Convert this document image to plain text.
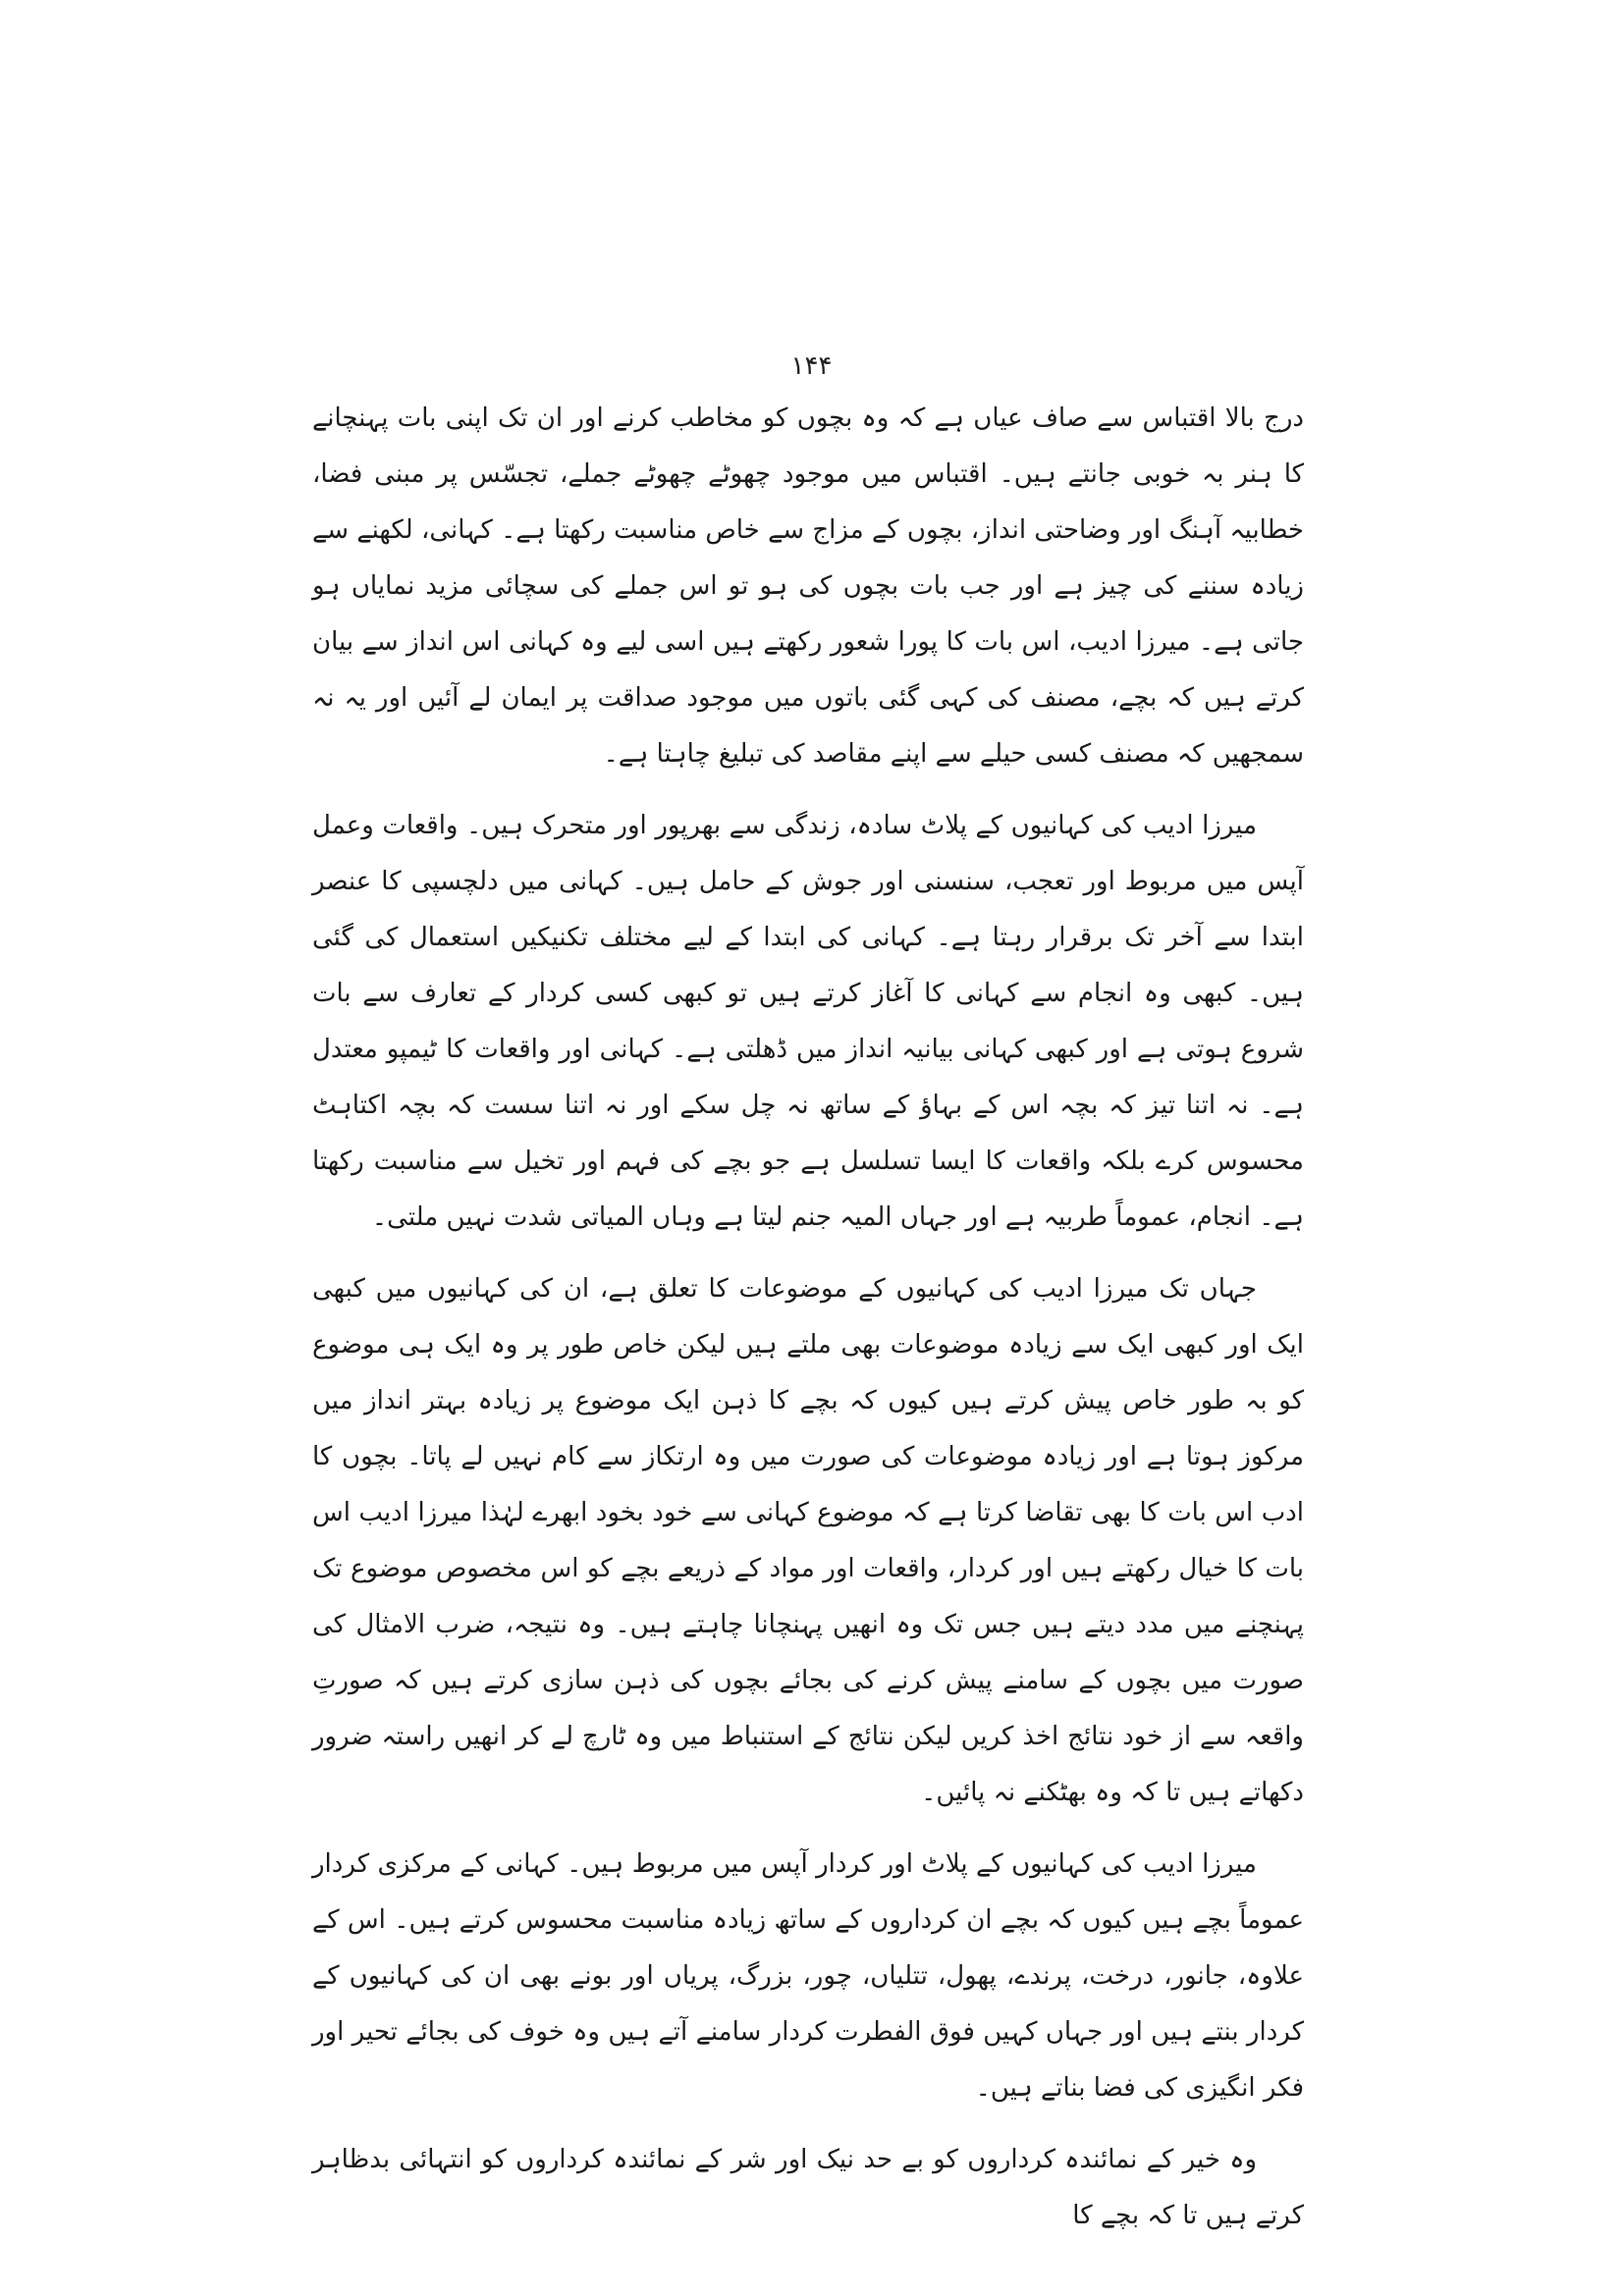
۱۴۴

درج بالا اقتباس سے صاف عیاں ہے کہ وہ بچوں کو مخاطب کرنے اور ان تک اپنی بات پہنچانے کا ہنر بہ خوبی جانتے ہیں۔ اقتباس میں موجود چھوٹے چھوٹے جملے، تجسّس پر مبنی فضا، خطابیہ آہنگ اور وضاحتی انداز، بچوں کے مزاج سے خاص مناسبت رکھتا ہے۔ کہانی، لکھنے سے زیادہ سننے کی چیز ہے اور جب بات بچوں کی ہو تو اس جملے کی سچائی مزید نمایاں ہو جاتی ہے۔ میرزا ادیب، اس بات کا پورا شعور رکھتے ہیں اسی لیے وہ کہانی اس انداز سے بیان کرتے ہیں کہ بچے، مصنف کی کہی گئی باتوں میں موجود صداقت پر ایمان لے آئیں اور یہ نہ سمجھیں کہ مصنف کسی حیلے سے اپنے مقاصد کی تبلیغ چاہتا ہے۔

میرزا ادیب کی کہانیوں کے پلاٹ سادہ، زندگی سے بھرپور اور متحرک ہیں۔ واقعات وعمل آپس میں مربوط اور تعجب، سنسنی اور جوش کے حامل ہیں۔ کہانی میں دلچسپی کا عنصر ابتدا سے آخر تک برقرار رہتا ہے۔ کہانی کی ابتدا کے لیے مختلف تکنیکیں استعمال کی گئی ہیں۔ کبھی وہ انجام سے کہانی کا آغاز کرتے ہیں تو کبھی کسی کردار کے تعارف سے بات شروع ہوتی ہے اور کبھی کہانی بیانیہ انداز میں ڈھلتی ہے۔ کہانی اور واقعات کا ٹیمپو معتدل ہے۔ نہ اتنا تیز کہ بچہ اس کے بہاؤ کے ساتھ نہ چل سکے اور نہ اتنا سست کہ بچہ اکتاہٹ محسوس کرے بلکہ واقعات کا ایسا تسلسل ہے جو بچے کی فہم اور تخیل سے مناسبت رکھتا ہے۔ انجام، عموماً طربیہ ہے اور جہاں المیہ جنم لیتا ہے وہاں المیاتی شدت نہیں ملتی۔

جہاں تک میرزا ادیب کی کہانیوں کے موضوعات کا تعلق ہے، ان کی کہانیوں میں کبھی ایک اور کبھی ایک سے زیادہ موضوعات بھی ملتے ہیں لیکن خاص طور پر وہ ایک ہی موضوع کو بہ طور خاص پیش کرتے ہیں کیوں کہ بچے کا ذہن ایک موضوع پر زیادہ بہتر انداز میں مرکوز ہوتا ہے اور زیادہ موضوعات کی صورت میں وہ ارتکاز سے کام نہیں لے پاتا۔ بچوں کا ادب اس بات کا بھی تقاضا کرتا ہے کہ موضوع کہانی سے خود بخود ابھرے لہٰذا میرزا ادیب اس بات کا خیال رکھتے ہیں اور کردار، واقعات اور مواد کے ذریعے بچے کو اس مخصوص موضوع تک پہنچنے میں مدد دیتے ہیں جس تک وہ انھیں پہنچانا چاہتے ہیں۔ وہ نتیجہ، ضرب الامثال کی صورت میں بچوں کے سامنے پیش کرنے کی بجائے بچوں کی ذہن سازی کرتے ہیں کہ صورتِ واقعہ سے از خود نتائج اخذ کریں لیکن نتائج کے استنباط میں وہ ٹارچ لے کر انھیں راستہ ضرور دکھاتے ہیں تا کہ وہ بھٹکنے نہ پائیں۔

میرزا ادیب کی کہانیوں کے پلاٹ اور کردار آپس میں مربوط ہیں۔ کہانی کے مرکزی کردار عموماً بچے ہیں کیوں کہ بچے ان کرداروں کے ساتھ زیادہ مناسبت محسوس کرتے ہیں۔ اس کے علاوہ، جانور، درخت، پرندے، پھول، تتلیاں، چور، بزرگ، پریاں اور بونے بھی ان کی کہانیوں کے کردار بنتے ہیں اور جہاں کہیں فوق الفطرت کردار سامنے آتے ہیں وہ خوف کی بجائے تحیر اور فکر انگیزی کی فضا بناتے ہیں۔

وہ خیر کے نمائندہ کرداروں کو بے حد نیک اور شر کے نمائندہ کرداروں کو انتہائی بدظاہر کرتے ہیں تا کہ بچے کا
